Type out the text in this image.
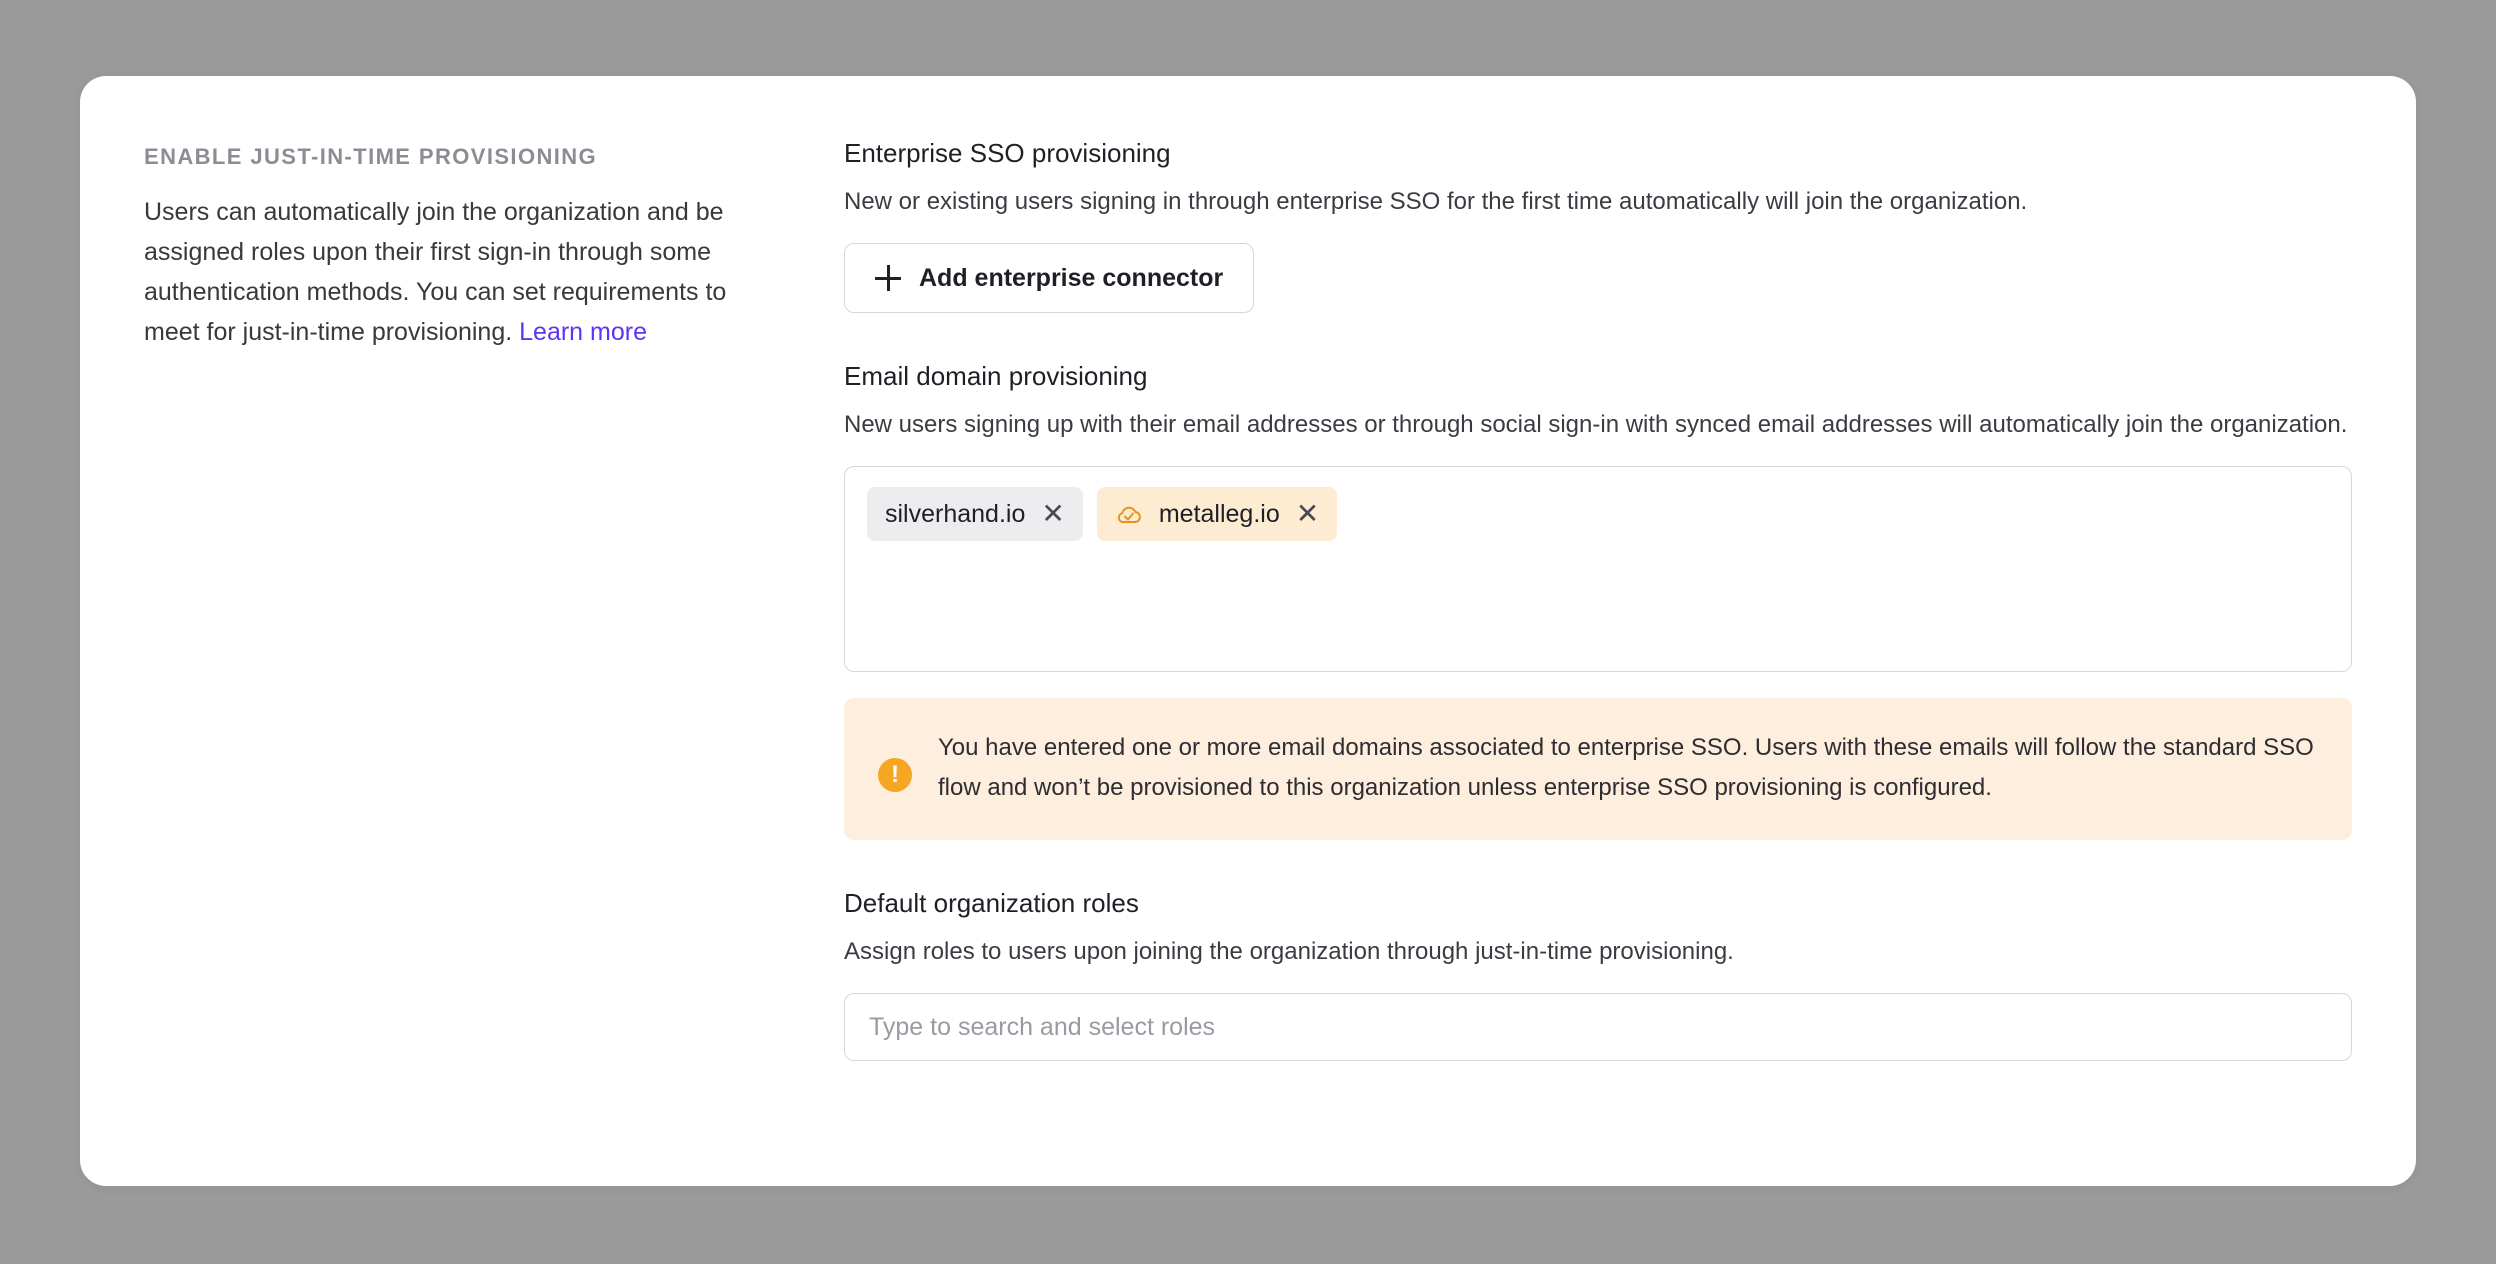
ENABLE JUST-IN-TIME PROVISIONING
Users can automatically join the organization and be assigned roles upon their first sign-in through some authentication methods. You can set requirements to meet for just-in-time provisioning. Learn more
Enterprise SSO provisioning
New or existing users signing in through enterprise SSO for the first time automatically will join the organization.
Add enterprise connector
Email domain provisioning
New users signing up with their email addresses or through social sign-in with synced email addresses will automatically join the organization.
silverhand.io ✕	metalleg.io ✕
!
You have entered one or more email domains associated to enterprise SSO. Users with these emails will follow the standard SSO flow and won’t be provisioned to this organization unless enterprise SSO provisioning is configured.
Default organization roles
Assign roles to users upon joining the organization through just-in-time provisioning.
Type to search and select roles
